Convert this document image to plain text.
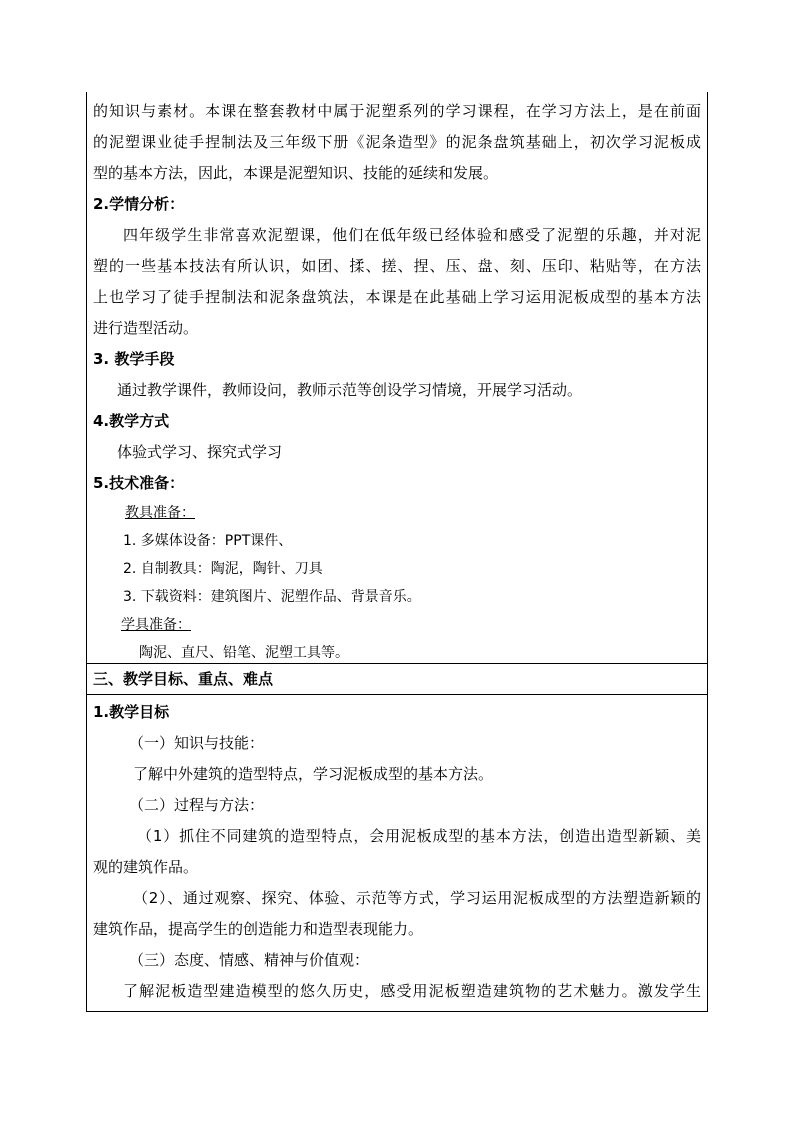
的知识与素材。本课在整套教材中属于泥塑系列的学习课程，在学习方法上，是在前面
的泥塑课业徒手捏制法及三年级下册《泥条造型》的泥条盘筑基础上，初次学习泥板成
型的基本方法，因此，本课是泥塑知识、技能的延续和发展。
2.学情分析：
四年级学生非常喜欢泥塑课，他们在低年级已经体验和感受了泥塑的乐趣，并对泥
塑的一些基本技法有所认识，如团、揉、搓、捏、压、盘、刻、压印、粘贴等，在方法
上也学习了徒手捏制法和泥条盘筑法，本课是在此基础上学习运用泥板成型的基本方法
进行造型活动。
3. 教学手段
通过教学课件，教师设问，教师示范等创设学习情境，开展学习活动。
4.教学方式
体验式学习、探究式学习
5.技术准备：
教具准备：
1. 多媒体设备：PPT课件、
2. 自制教具：陶泥，陶针、刀具
3. 下载资料：建筑图片、泥塑作品、背景音乐。
学具准备：
陶泥、直尺、铅笔、泥塑工具等。
三、教学目标、重点、难点
1.教学目标
（一）知识与技能：
了解中外建筑的造型特点，学习泥板成型的基本方法。
（二）过程与方法：
（1）抓住不同建筑的造型特点，会用泥板成型的基本方法，创造出造型新颖、美
观的建筑作品。
（2）、通过观察、探究、体验、示范等方式，学习运用泥板成型的方法塑造新颖的
建筑作品，提高学生的创造能力和造型表现能力。
（三）态度、情感、精神与价值观：
了解泥板造型建造模型的悠久历史，感受用泥板塑造建筑物的艺术魅力。激发学生
